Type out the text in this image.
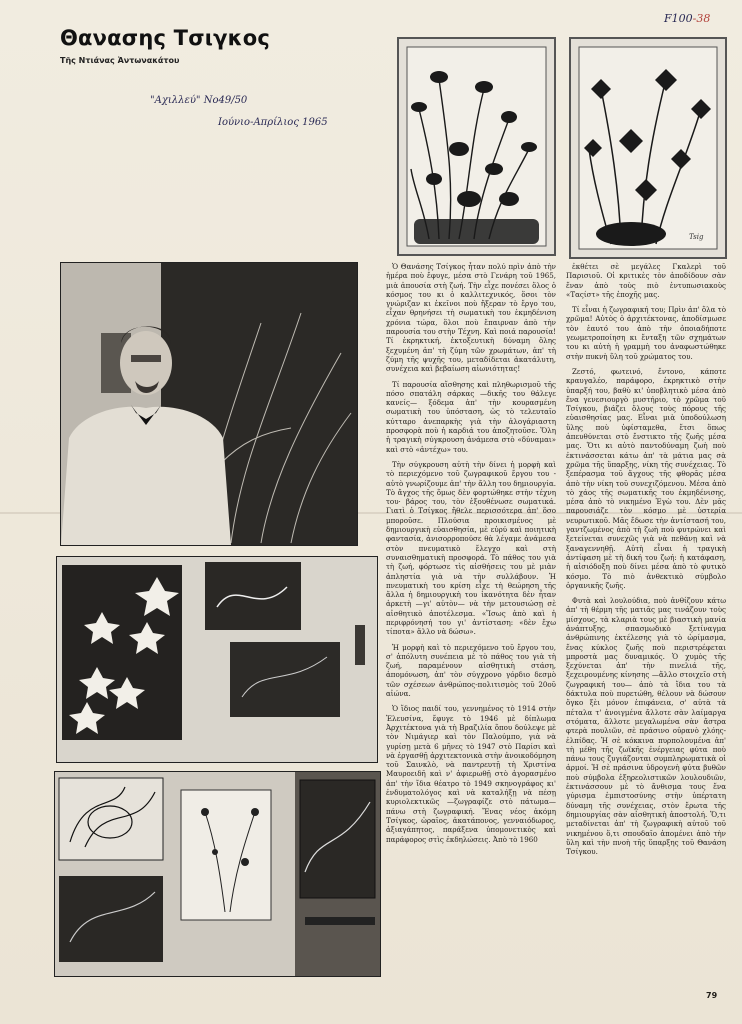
Θανασης Τσιγκος
Τῆς Ντιάνας Ἀντωνακάτου
"Αχιλλεύ" Νο49/50
Ιούνιο-Απρίλιος 1965
F100-38
Tsig

Ὁ Θανάσης Τσίγκος ἦταν πολύ πρὶν ἀπὸ τὴν ἡμέρα ποὺ ἔφυγε, μέσα στὸ Γενάρη τοῦ 1965, μιὰ ἀπουσία στὴ ζωή. Τὴν εἶχε πονέσει ὅλος ὁ κόσμος του κι ὁ καλλιτεχνικός, ὅσοι τὸν γνώριζαν κι ἐκεῖνοι ποὺ ἤξεραν τὸ ἔργο του, εἶχαν θρηνήσει τὴ σωματικὴ του ἐκμηδένιση χρόνια τώρα, ὅλοι ποὺ ἔπαιρναν ἀπὸ τὴν παρουσία του στὴν Τέχνη. Καὶ ποιά παρουσία! Τί ἐκρηκτική, ἐκτοξευτικὴ δύναμη ὅλης ξεχυμένη ἀπ' τὴ ζύμη τῶν χρωμάτων, ἀπ' τὴ ζύμη τῆς ψυχῆς του, μεταδίδεται ἀκατάλυτη, συνέχεια καὶ βεβαίωση αἰωνιότητας!

Τί παρουσία αἴσθησης καὶ πληθωρισμοῦ τῆς πόσο σπατάλη σάρκας —δικῆς του θάλεγε κανείς— ξόδεμα ἀπ' τὴν κουρασμένη σωματικὴ του ὑπόσταση, ὡς τὸ τελευταῖο κύτταρο ἀνεπαρκὴς γιὰ τὴν ἀλογάριαστη προσφορὰ ποὺ ἡ καρδιά του ἀποζητοῦσε. Ὅλη ἡ τραγικὴ σύγκρουση ἀνάμεσα στὸ «δύναμαι» καὶ στὸ «ἀντέχω» του.

Τὴν σύγκρουση αὐτὴ τὴν δίνει ἡ μορφὴ καὶ τὸ περιεχόμενο τοῦ ζωγραφικοῦ ἔργου του - αὐτὸ γνωρίζουμε ἀπ' τὴν ἄλλη του δημιουργία. Τὸ ἄγχος τῆς ὅμως δὲν φορτώθηκε στὴν τέχνη του· βάρος του, τὸν ἐξουθένωσε σωματικά. Γιατὶ ὁ Τσίγκος ἤθελε περισσότερα ἀπ' ὅσο μποροῦσε. Πλούσια προικισμένος μὲ δημιουργικὴ εὐαισθησία, μὲ εὐρύ καὶ ποιητικὴ φαντασία, ἀνισορροπούσε θὰ λέγαμε ἀνάμεσα στὸν πνευματικὸ ἔλεγχο καὶ στὴ συναισθηματικὴ προσφορά. Τὸ πάθος του γιὰ τὴ ζωή, φόρτωσε τὶς αἰσθήσεις του μὲ μιὰν ἀπληστία γιὰ νὰ τὴν συλλάβουν. Ἡ πνευματικὴ του κρίση εἶχε τὴ θεώρηση τῆς ἄλλα ἡ δημιουργικὴ του ἱκανότητα δὲν ἦταν ἀρκετὴ —γι' αὐτὸν— νὰ τὴν μετουσιώσῃ σὲ αἰσθητικὸ ἀποτέλεσμα. «Ἴσως ἀπὸ καὶ ἡ περιφρόνησή του γι' ἀντίσταση: «δὲν ἔχω τίποτα» ἄλλο νὰ δώσω».

Ἡ μορφὴ καὶ τὸ περιεχόμενο τοῦ ἔργου του, σ' ἀπόλυτη συνέπεια μὲ τὸ πάθος του γιὰ τὴ ζωή, παραμένουν αἰσθητικὴ στάση, ἀπομόνωση, ἀπ' τὸν σύγχρονο γόρδιο δεσμὸ τῶν σχέσεων ἀνθρώπος-πολιτισμὸς τοῦ 20οῦ αἰώνα.

Ὁ ἴδιος παιδί του, γεννημένος τὸ 1914 στὴν Ἐλευσίνα, ἔφυγε τὸ 1946 μὲ δίπλωμα Ἀρχιτέκτονα γιὰ τὴ Βραζιλία ὅπου δούλεψε μὲ τὸν Νιμάγιερ καὶ τὸν Παλούμπο, γιὰ νὰ γυρίσῃ μετὰ 6 μῆνες τὸ 1947 στὸ Παρίσι καὶ νὰ ἐργασθῇ ἀρχιτεκτονικὰ στὴν ἀνοικοδόμηση τοῦ Σαινκλὸ, νὰ παντρευτῇ τὴ Χριστίνα Μαυροειδῆ καὶ ν' ἀφιερωθῇ στὸ ἀγορασμένο ἀπ' τὴν ἴδια θέατρο τὸ 1949 σκηνογράφος κι' ἐνδυματολόγος καὶ νὰ καταλήξῃ νὰ πέσῃ κυριολεκτικῶς —ζωγραφίζε στὸ πάτωμα— πάνω στὴ ζωγραφική. Ἔνας νέος ἀκόμη Τσίγκος, ὡραῖος, ἀκατάπονος, γενναιόδωρος, ἀξιαγάπητος, παράξενα ὑπομονετικὸς καὶ παράφορος στὶς ἐκδηλώσεις. Ἀπὸ τὸ 1960

ἐκθέτει σὲ μεγάλες Γκαλερὶ τοῦ Παρισιοῦ. Οἱ κριτικὲς τὸν ἀποδίδουν σὰν ἕναν ἀπὸ τοὺς πιὸ ἐντυπωσιακοὺς «Ταςίστ» τῆς ἐποχῆς μας.

Τί εἶναι ἡ ζωγραφική του; Πρὶν ἀπ' ὅλα τὸ χρῶμα! Αὐτὸς ὁ ἀρχιτέκτονας, ἀποδίσμωσε τὸν ἑαυτό του ἀπὸ τὴν ὁποιαδήποτε γεωμετροποίηση κι ἔνταξη τῶν σχημάτων του κι αὐτὴ ἡ γραμμὴ του ἀναφωστώθηκε στὴν πυκνὴ ὕλη τοῦ χρώματος του.

Ζεστό, φωτεινό, ἔντονο, κάποτε κραυγαλέο, παράφορο, ἐκρηκτικὸ στὴν ὑπαρξή του, βαθὺ κι' ὑποβλητικὸ μέσα ἀπὸ ἕνα γενεσιουργὸ μυστήριο, τὸ χρῶμα τοῦ Τσίγκου, βιάζει ὅλους τοὺς πόρους τῆς εὐαισθησίας μας. Εἶναι μιὰ ὑποδούλωση ὕλης ποὺ ὑφίσταμεθα, ἔτσι ὅπως ἀπευθύνεται στὸ ἔνστικτο τῆς ζωῆς μέσα μας. Ὅτι κι αὐτὸ παντοδύναμη ζωὴ ποὺ ἐκτινάσσεται κάτω ἀπ' τὰ μάτια μας σὰ χρῶμα τῆς ὕπαρξης, νίκη τῆς συνέχειας. Τὸ ξεπέρασμα τοῦ ἄγχους τῆς φθορᾶς μέσα ἀπὸ τὴν νίκη τοῦ συνεχιζόμενου. Μέσα ἀπὸ τὸ χάος τῆς σωματικῆς του ἐκμηδένισης, μέσα ἀπὸ τὸ νικημένο Ἐγὼ του. Δὲν μᾶς παρουσιάζε τὸν κόσμο μὲ ὑστερία νευρωτικοῦ. Μᾶς ἔδωσε τὴν ἀντίστασή του, γαντζωμένος ἀπὸ τὴ ζωὴ ποὺ φυτρώνει καὶ ξετείνεται συνεχῶς γιὰ νὰ πεθάνῃ καὶ νὰ ξαναγεννηθῇ. Αὐτὴ εἶναι ἡ τραγικὴ ἀντίφαση μὲ τὴ δική του ζωή: ἡ κατάφαση, ἡ αἰσιόδοξη ποὺ δίνει μέσα ἀπὸ τὸ φυτικὸ κόσμο. Τὸ πιὸ ἀνθεκτικὸ σύμβολο ὀργανικῆς ζωῆς.

Φυτὰ καὶ λουλούδια, ποὺ ἀνθίζουν κάτω ἀπ' τὴ θέρμη τῆς ματιᾶς μας τινάζουν τοὺς μίσχους, τὰ κλαριὰ τους μὲ βιαστικὴ μανία ἀνάπτυξης, σπασμωδικὸ ξετίναγμα ἀνθρώπινης ἐκτέλεσης γιὰ τὸ ὡρίμασμα, ἕνας κύκλος ζωῆς ποὺ περιστρέφεται μπροστὰ μας δυναμικός. Ὁ χυμὸς τῆς ξεχύνεται ἀπ' τὴν πινελιά τῆς, ξεχειρουμένης κίνησης —ἄλλο στοιχεῖο στὴ ζωγραφική του— ἀπὸ τὰ ἴδια του τὰ δάκτυλα ποὺ πυρετώθη, θέλουν νὰ δώσουν ὄγκο ξὲι μόνον ἐπιφάνεια, σ' αὐτὰ τὰ πέταλα τ' ἀνοιγμένα ἄλλοτε σὰν λαίμαργα στόματα, ἄλλοτε μεγαλωμένα σὰν ἄστρα φτερὰ πουλιῶν, σὲ πράσινο οὐρανὸ χλόης-ἐλπίδας. Ἡ σὲ κόκκινα πυρπολουμένα ἀπ' τὴ μέθη τῆς ζωϊκῆς ἐνέργειας φύτα ποὺ πάνω τους ζυγιάζονται συμπληρωματικὰ οἱ ἀρμοί. Ἡ σὲ πράσινα ὑδρογενὴ φύτα βυθῶν ποὺ σύμβολα ἐξηρεολιστικῶν λουλουδιῶν, ἐκτινάσσουν μὲ τὸ ἄνθισμα τους ἕνα γύρισμα ἐμπιστοσύνης στὴν ὑπέρτατη δύναμη τῆς συνέχειας, στὸν ἔρωτα τῆς δημιουργίας σὰν αἰσθητικὴ ἀποστολή. Ὅ,τι μεταδίνεται ἀπ' τὴ ζωγραφικὴ αὐτοῦ τοῦ νικημένου ὅ,τι σπουδαῖο ἀπομένει ἀπὸ τὴν ὕλη καὶ τὴν πνοὴ τῆς ὕπαρξης τοῦ Θανάση Τσίγκου.

79
